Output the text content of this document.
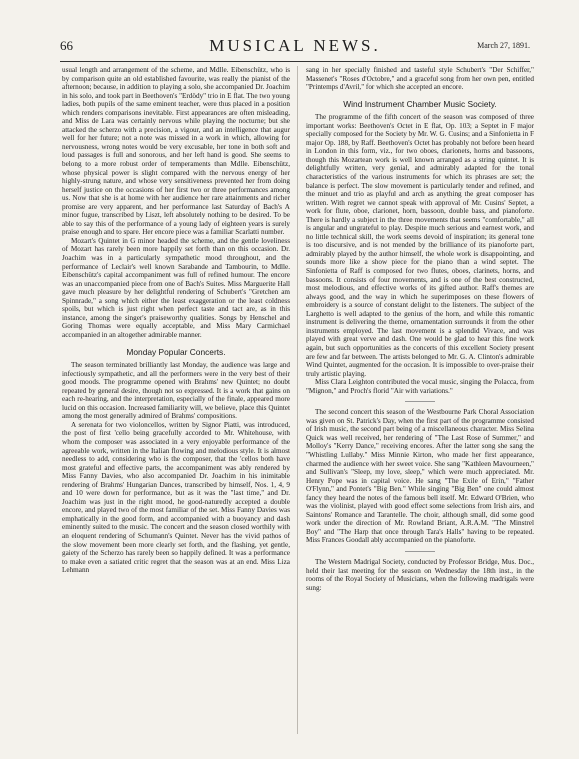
66	MUSICAL NEWS.	March 27, 1891.

usual length and arrangement of the scheme, and Mdlle. Eibenschütz, who is by comparison quite an old established favourite, was really the pianist of the afternoon; because, in addition to playing a solo, she accompanied Dr. Joachim in his solo, and took part in Beethoven's "Erdödy" trio in E flat. The two young ladies, both pupils of the same eminent teacher, were thus placed in a position which renders comparisons inevitable. First appearances are often misleading, and Miss de Lara was certainly nervous while playing the nocturne; but she attacked the scherzo with a precision, a vigour, and an intelligence that augur well for her future; not a note was missed in a work in which, allowing for nervousness, wrong notes would be very excusable, her tone in both soft and loud passages is full and sonorous, and her left hand is good. She seems to belong to a more robust order of temperaments than Mdlle. Eibenschütz, whose physical power is slight compared with the nervous energy of her highly-strung nature, and whose very sensitiveness prevented her from doing herself justice on the occasions of her first two or three performances among us. Now that she is at home with her audience her rare attainments and richer promise are very apparent, and her performance last Saturday of Bach's A minor fugue, transcribed by Liszt, left absolutely nothing to be desired. To be able to say this of the performance of a young lady of eighteen years is surely praise enough and to spare. Her encore piece was a familiar Scarlatti number.

Mozart's Quintet in G minor headed the scheme, and the gentle loveliness of Mozart has rarely been more happily set forth than on this occasion. Dr. Joachim was in a particularly sympathetic mood throughout, and the performance of Leclair's well known Sarabande and Tambourin, to Mdlle. Eibenschütz's capital accompaniment was full of refined humour. The encore was an unaccompanied piece from one of Bach's Suites. Miss Marguerite Hall gave much pleasure by her delightful rendering of Schubert's "Gretchen am Spinnrade," a song which either the least exaggeration or the least coldness spoils, but which is just right when perfect taste and tact are, as in this instance, among the singer's praiseworthy qualities. Songs by Henschel and Goring Thomas were equally acceptable, and Miss Mary Carmichael accompanied in an altogether admirable manner.

Monday Popular Concerts.

The season terminated brilliantly last Monday, the audience was large and infectiously sympathetic, and all the performers were in the very best of their good moods. The programme opened with Brahms' new Quintet; no doubt repeated by general desire, though not so expressed. It is a work that gains on each re-hearing, and the interpretation, especially of the finale, appeared more lucid on this occasion. Increased familiarity will, we believe, place this Quintet among the most generally admired of Brahms' compositions.

A serenata for two violoncellos, written by Signor Piatti, was introduced, the post of first 'cello being gracefully accorded to Mr. Whitehouse, with whom the composer was associated in a very enjoyable performance of the agreeable work, written in the Italian flowing and melodious style. It is almost needless to add, considering who is the composer, that the 'cellos both have most grateful and effective parts, the accompaniment was ably rendered by Miss Fanny Davies, who also accompanied Dr. Joachim in his inimitable rendering of Brahms' Hungarian Dances, transcribed by himself, Nos. 1, 4, 9 and 10 were down for performance, but as it was the "last time," and Dr. Joachim was just in the right mood, he good-naturedly accepted a double encore, and played two of the most familiar of the set. Miss Fanny Davies was emphatically in the good form, and accompanied with a buoyancy and dash eminently suited to the music. The concert and the season closed worthily with an eloquent rendering of Schumann's Quintet. Never has the vivid pathos of the slow movement been more clearly set forth, and the flashing, yet gentle, gaiety of the Scherzo has rarely been so happily defined. It was a performance to make even a satiated critic regret that the season was at an end. Miss Liza Lehmann

sang in her specially finished and tasteful style Schubert's "Der Schiffer," Massenet's "Roses d'Octobre," and a graceful song from her own pen, entitled "Printemps d'Avril," for which she accepted an encore.

Wind Instrument Chamber Music Society.

The programme of the fifth concert of the season was composed of three important works: Beethoven's Octet in E flat, Op. 103; a Septet in F major specially composed for the Society by Mr. W. G. Cusins; and a Sinfonietta in F major Op. 188, by Raff. Beethoven's Octet has probably not before been heard in London in this form, viz., for two oboes, clarionets, horns and bassoons, though this Mozartean work is well known arranged as a string quintet. It is delightfully written, very genial, and admirably adapted for the tonal characteristics of the various instruments for which its phrases are set; the balance is perfect. The slow movement is particularly tender and refined, and the minuet and trio as playful and arch as anything the great composer has written. With regret we cannot speak with approval of Mr. Cusins' Septet, a work for flute, oboe, clarionet, horn, bassoon, double bass, and pianoforte. There is hardly a subject in the three movements that seems "comfortable," all is angular and ungrateful to play. Despite much serious and earnest work, and no little technical skill, the work seems devoid of inspiration; its general tone is too discursive, and is not mended by the brilliance of its pianoforte part, admirably played by the author himself, the whole work is disappointing, and sounds more like a show piece for the piano than a wind septet. The Sinfonietta of Raff is composed for two flutes, oboes, clarinets, horns, and bassoons. It consists of four movements, and is one of the best constructed, most melodious, and effective works of its gifted author. Raff's themes are always good, and the way in which he superimposes on these flowers of embroidery is a source of constant delight to the listeners. The subject of the Larghetto is well adapted to the genius of the horn, and while this romantic instrument is delivering the theme, ornamentation surrounds it from the other instruments employed. The last movement is a splendid Vivace, and was played with great verve and dash. One would be glad to hear this fine work again, but such opportunities as the concerts of this excellent Society present are few and far between. The artists belonged to Mr. G. A. Clinton's admirable Wind Quintet, augmented for the occasion. It is impossible to over-praise their truly artistic playing.

Miss Clara Leighton contributed the vocal music, singing the Polacca, from "Mignon," and Proch's florid "Air with variations."

The second concert this season of the Westbourne Park Choral Association was given on St. Patrick's Day, when the first part of the programme consisted of Irish music, the second part being of a miscellaneous character. Miss Selina Quick was well received, her rendering of "The Last Rose of Summer," and Molloy's "Kerry Dance," receiving encores. After the latter song she sang the "Whistling Lullaby." Miss Minnie Kirton, who made her first appearance, charmed the audience with her sweet voice. She sang "Kathleen Mavourneen," and Sullivan's "Sleep, my love, sleep," which were much appreciated. Mr. Henry Pope was in capital voice. He sang "The Exile of Erin," "Father O'Flynn," and Pontet's "Big Ben." While singing "Big Ben" one could almost fancy they heard the notes of the famous bell itself. Mr. Edward O'Brien, who was the violinist, played with good effect some selections from Irish airs, and Saintons' Romance and Tarantelle. The choir, although small, did some good work under the direction of Mr. Rowland Briant, A.R.A.M. "The Minstrel Boy" and "The Harp that once through Tara's Halls" having to be repeated. Miss Frances Goodall ably accompanied on the pianoforte.

The Western Madrigal Society, conducted by Professor Bridge, Mus. Doc., held their last meeting for the season on Wednesday the 18th inst., in the rooms of the Royal Society of Musicians, when the following madrigals were sung:
